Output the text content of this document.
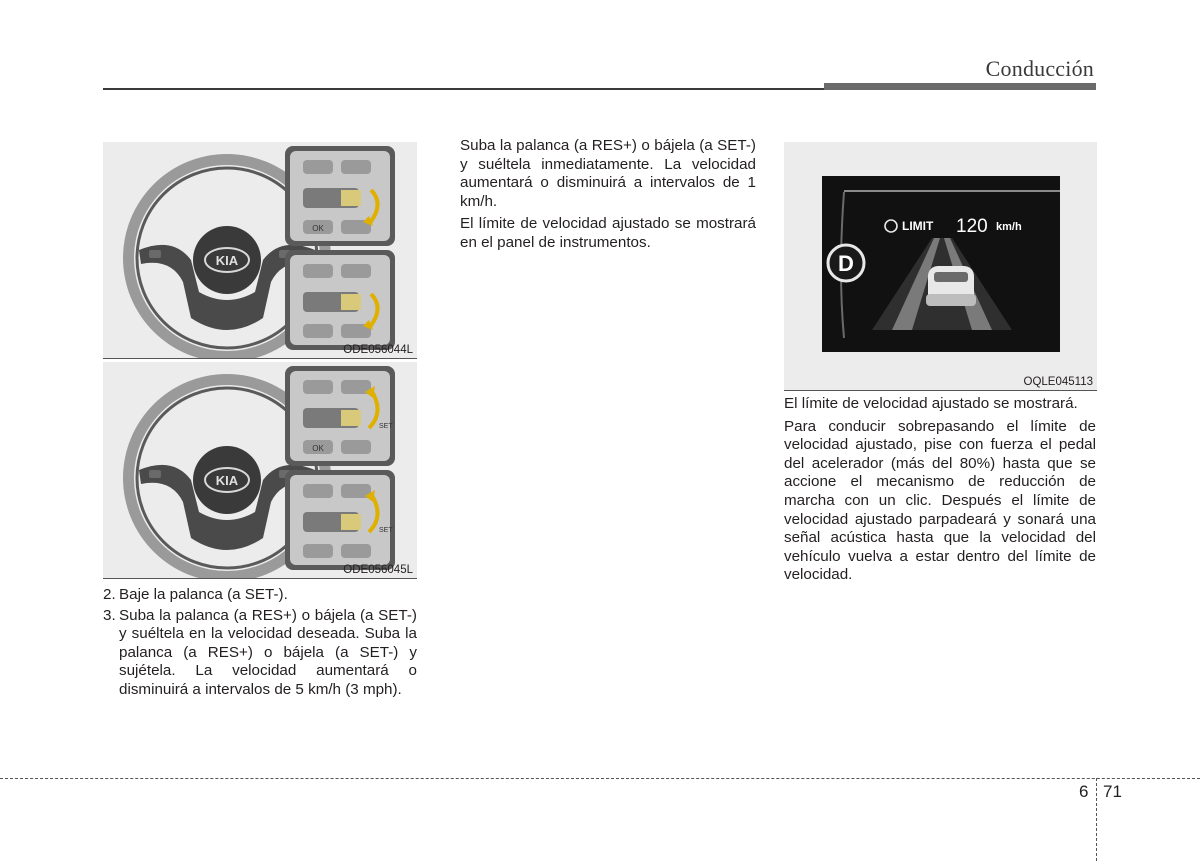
Conducción
KIA
OK
ODE056044L
KIA
SET
OK
SET
ODE056045L
2. Baje la palanca (a SET-).
3. Suba la palanca (a RES+) o bájela (a SET-) y suéltela en la velocidad deseada. Suba la palanca (a RES+) o bájela (a SET-) y sujétela. La velocidad aumentará o disminuirá a intervalos de 5 km/h (3 mph).

Suba la palanca (a RES+) o bájela (a SET-) y suéltela inmediatamente. La velocidad aumentará o disminuirá a intervalos de 1 km/h.

El límite de velocidad ajustado se mostrará en el panel de instrumentos.

D
LIMIT 120 km/h
OQLE045113

El límite de velocidad ajustado se mostrará.

Para conducir sobrepasando el límite de velocidad ajustado, pise con fuerza el pedal del acelerador (más del 80%) hasta que se accione el mecanismo de reducción de marcha con un clic. Después el límite de velocidad ajustado parpadeará y sonará una señal acústica hasta que la velocidad del vehículo vuelva a estar dentro del límite de velocidad.

6 71
